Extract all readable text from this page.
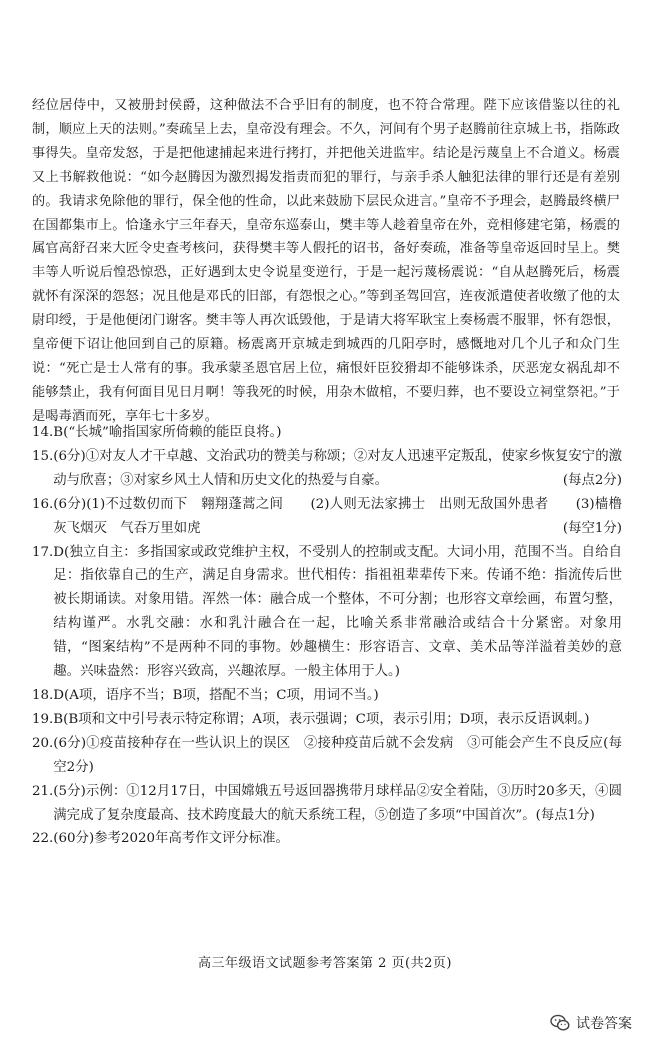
经位居侍中，又被册封侯爵，这种做法不合乎旧有的制度，也不符合常理。陛下应该借鉴以往的礼制，顺应上天的法则。”奏疏呈上去，皇帝没有理会。不久，河间有个男子赵腾前往京城上书，指陈政事得失。皇帝发怒，于是把他逮捕起来进行拷打，并把他关进监牢。结论是污蔑皇上不合道义。杨震又上书解救他说：“如今赵腾因为激烈揭发指责而犯的罪行，与亲手杀人触犯法律的罪行还是有差别的。我请求免除他的罪行，保全他的性命，以此来鼓励下层民众进言。”皇帝不予理会，赵腾最终横尸在国都集市上。恰逢永宁三年春天，皇帝东巡泰山，樊丰等人趁着皇帝在外，竞相修建宅第，杨震的属官高舒召来大匠令史查考核问，获得樊丰等人假托的诏书，备好奏疏，准备等皇帝返回时呈上。樊丰等人听说后惶恐惊恐，正好遇到太史令说星变逆行，于是一起污蔑杨震说：“自从赵腾死后，杨震就怀有深深的怨怒；况且他是邓氏的旧部，有怨恨之心。”等到圣驾回宫，连夜派遣使者收缴了他的太尉印绶，于是他便闭门谢客。樊丰等人再次诋毁他，于是请大将军耿宝上奏杨震不服罪，怀有怨恨，皇帝便下诏让他回到自己的原籍。杨震离开京城走到城西的几阳亭时，感慨地对几个儿子和众门生说：“死亡是士人常有的事。我承蒙圣恩官居上位，痛恨奸臣狡猾却不能够诛杀，厌恶宠女祸乱却不能够禁止，我有何面目见日月啊！等我死的时候，用杂木做棺，不要归葬，也不要设立祠堂祭祀。”于是喝毒酒而死，享年七十多岁。

14. B(“长城”喻指国家所倚赖的能臣良将。)
15. (6分)①对友人才干卓越、文治武功的赞美与称颂；②对友人迅速平定叛乱，使家乡恢复安宁的激动与欣喜；③对家乡风土人情和历史文化的热爱与自豪。	(每点2分)
16. (6分)(1)不过数仞而下　翱翔蓬蒿之间　　(2)人则无法家拂士　出则无敌国外患者　　(3)樯橹灰飞烟灭　气吞万里如虎	(每空1分)
17. D(独立自主：多指国家或政党维护主权，不受别人的控制或支配。大词小用，范围不当。自给自足：指依靠自己的生产，满足自身需求。世代相传：指祖祖辈辈传下来。传诵不绝：指流传后世被长期诵读。对象用错。浑然一体：融合成一个整体，不可分割；也形容文章绘画，布置匀整，结构谨严。水乳交融：水和乳汁融合在一起，比喻关系非常融洽或结合十分紧密。对象用错，“图案结构”不是两种不同的事物。妙趣横生：形容语言、文章、美术品等洋溢着美妙的意趣。兴味盎然：形容兴致高，兴趣浓厚。一般主体用于人。)
18. D(A项，语序不当；B项，搭配不当；C项，用词不当。)
19. B(B项和文中引号表示特定称谓；A项，表示强调；C项，表示引用；D项，表示反语讽刺。)
20. (6分)①疫苗接种存在一些认识上的误区　②接种疫苗后就不会发病　③可能会产生不良反应(每空2分)
21. (5分)示例：①12月17日，中国嫦娥五号返回器携带月球样品②安全着陆，③历时20多天，④圆满完成了复杂度最高、技术跨度最大的航天系统工程，⑤创造了多项“中国首次”。(每点1分)
22. (60分)参考2020年高考作文评分标准。
高三年级语文试题参考答案第 2 页(共2页)
试卷答案
